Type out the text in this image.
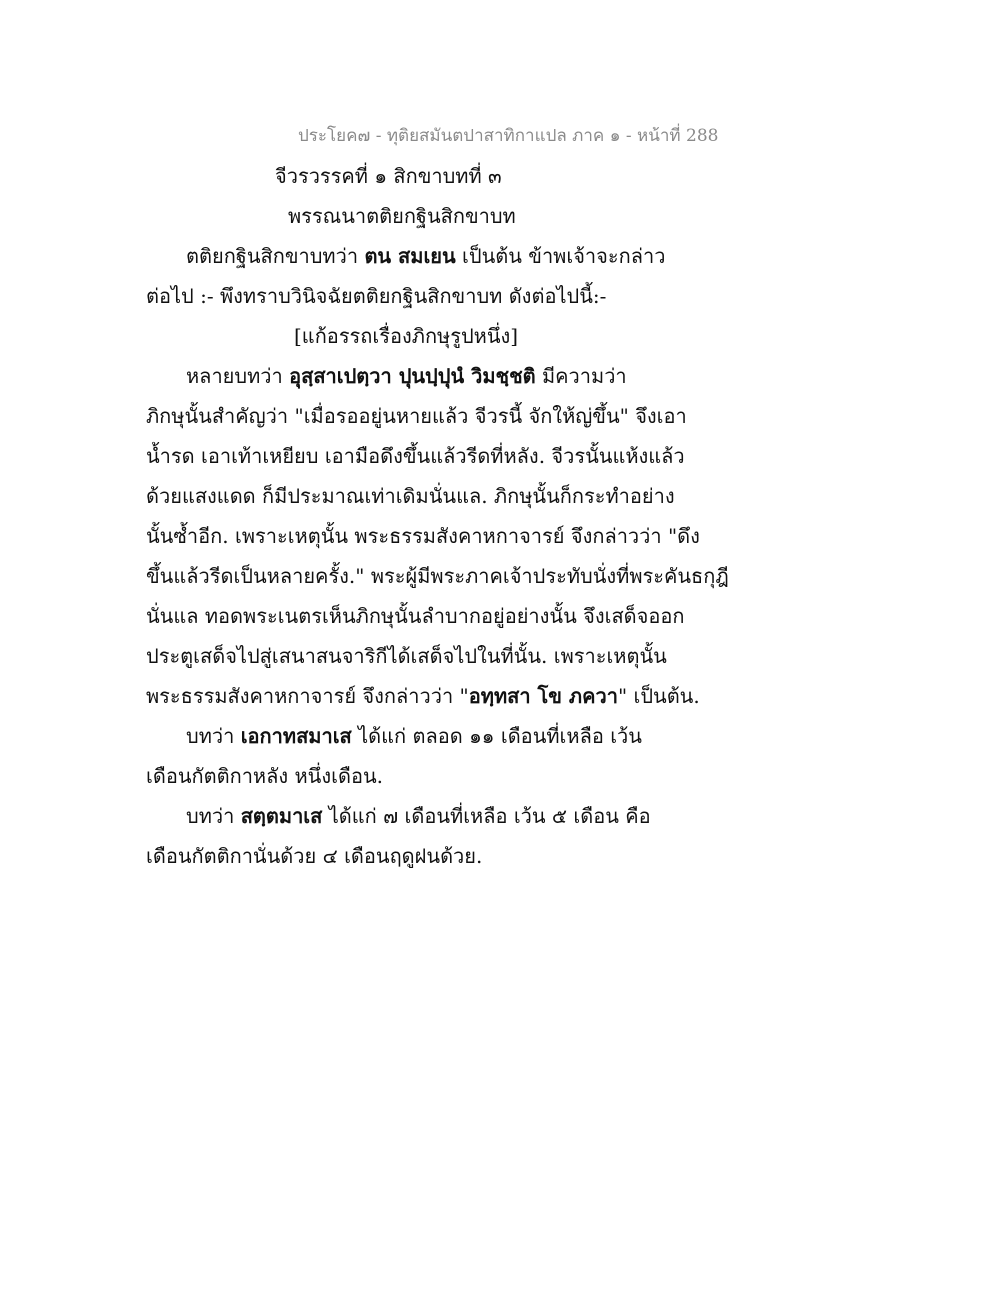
ประโยค๗ - ทุติยสมันตปาสาทิกาแปล ภาค ๑ - หน้าที่ 288
จีวรวรรคที่ ๑ สิกขาบทที่ ๓
พรรณนาตติยกฐินสิกขาบท
ตติยกฐินสิกขาบทว่า ตน สมเยน เป็นต้น ข้าพเจ้าจะกล่าว
ต่อไป :- พึงทราบวินิจฉัยตติยกฐินสิกขาบท ดังต่อไปนี้:-
[แก้อรรถเรื่องภิกษุรูปหนึ่ง]
หลายบทว่า อุสฺสาเปตฺวา ปุนปฺปุนํ วิมชฺชติ มีความว่า
ภิกษุนั้นสำคัญว่า "เมื่อรออยู่นหายแล้ว จีวรนี้ จักให้ญ่ขึ้น" จึงเอา
น้ำรด เอาเท้าเหยียบ เอามือดึงขึ้นแล้วรีดที่หลัง. จีวรนั้นแห้งแล้ว
ด้วยแสงแดด ก็มีประมาณเท่าเดิมนั่นแล. ภิกษุนั้นก็กระทำอย่าง
นั้นซ้ำอีก. เพราะเหตุนั้น พระธรรมสังคาหกาจารย์ จึงกล่าวว่า "ดึง
ขึ้นแล้วรีดเป็นหลายครั้ง." พระผู้มีพระภาคเจ้าประทับนั่งที่พระคันธกุฎี
นั่นแล ทอดพระเนตรเห็นภิกษุนั้นลำบากอยู่อย่างนั้น จึงเสด็จออก
ประตูเสด็จไปสู่เสนาสนจาริกีได้เสด็จไปในที่นั้น. เพราะเหตุนั้น
พระธรรมสังคาหกาจารย์ จึงกล่าวว่า "อทฺทสา โข ภควา" เป็นต้น.
บทว่า เอกาทสมาเส ได้แก่ ตลอด ๑๑ เดือนที่เหลือ เว้น
เดือนกัตติกาหลัง หนึ่งเดือน.
บทว่า สตฺตมาเส ได้แก่ ๗ เดือนที่เหลือ เว้น ๕ เดือน คือ
เดือนกัตติกานั่นด้วย ๔ เดือนฤดูฝนด้วย.
